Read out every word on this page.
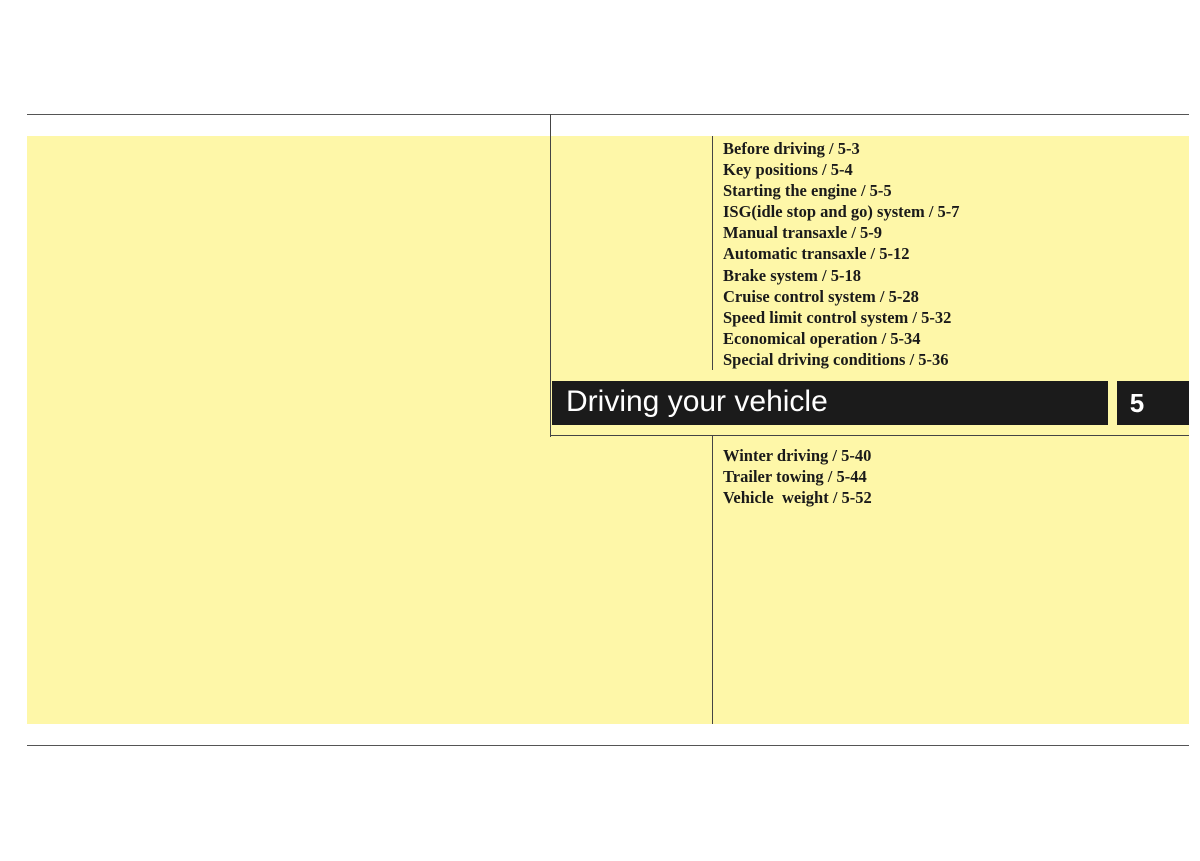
Before driving / 5-3
Key positions / 5-4
Starting the engine / 5-5
ISG(idle stop and go) system / 5-7
Manual transaxle / 5-9
Automatic transaxle / 5-12
Brake system / 5-18
Cruise control system / 5-28
Speed limit control system / 5-32
Economical operation / 5-34
Special driving conditions / 5-36
Driving your vehicle	5
Winter driving / 5-40
Trailer towing / 5-44
Vehicle  weight / 5-52
